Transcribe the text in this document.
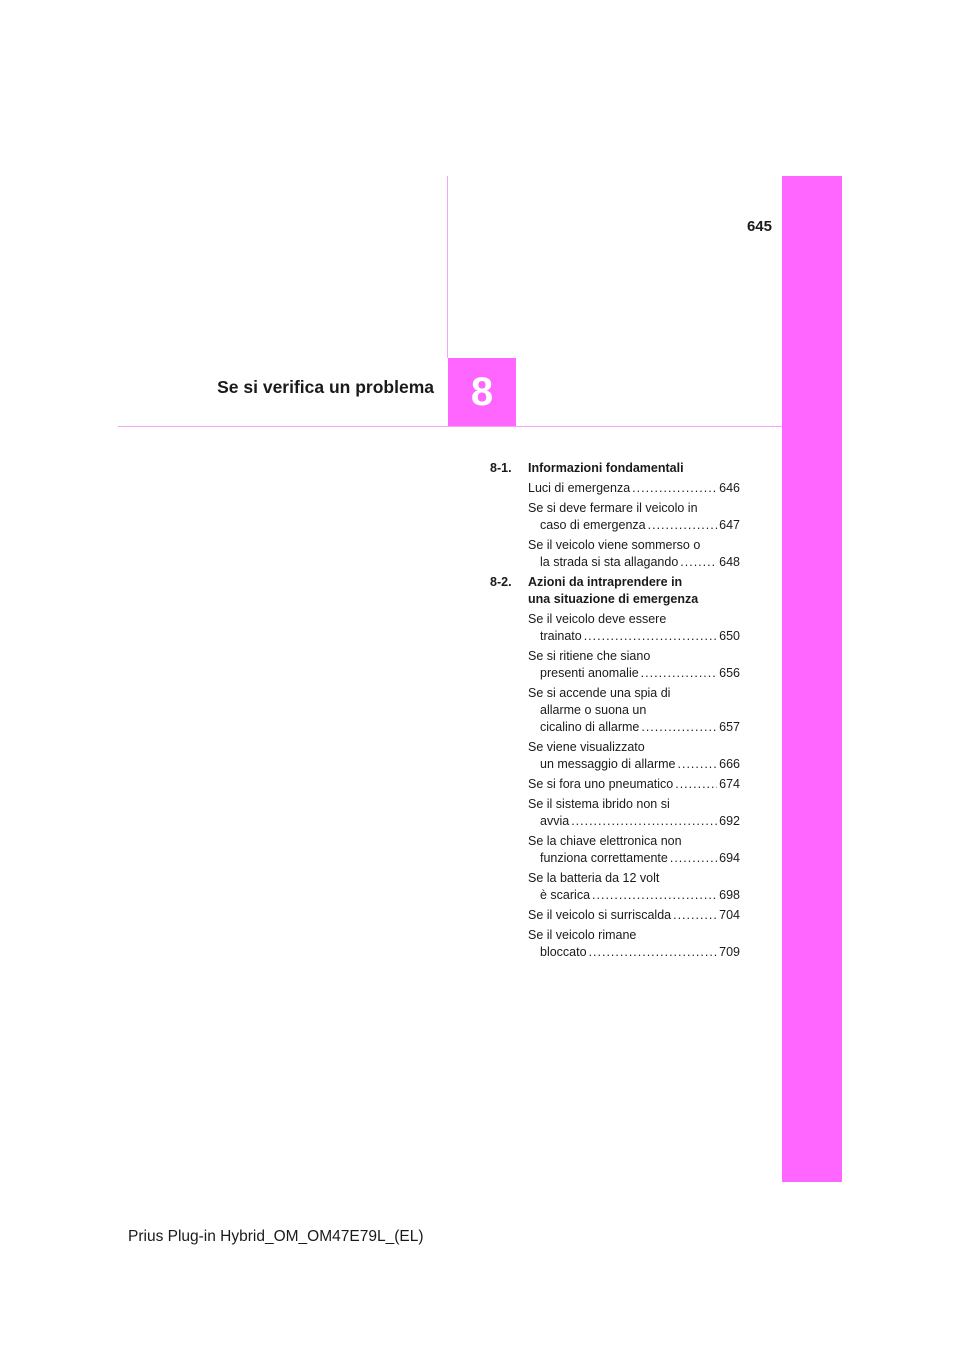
645
Se si verifica un problema 8
8-1.	Informazioni fondamentali
Luci di emergenza .....	646
Se si deve fermare il veicolo in
caso di emergenza .....	647
Se il veicolo viene sommerso o
la strada si sta allagando .....	648
8-2.	Azioni da intraprendere in
una situazione di emergenza
Se il veicolo deve essere
trainato .....	650
Se si ritiene che siano
presenti anomalie .....	656
Se si accende una spia di
allarme o suona un
cicalino di allarme .....	657
Se viene visualizzato
un messaggio di allarme .....	666
Se si fora uno pneumatico .....	674
Se il sistema ibrido non si
avvia .....	692
Se la chiave elettronica non
funziona correttamente .....	694
Se la batteria da 12 volt
è scarica .....	698
Se il veicolo si surriscalda .....	704
Se il veicolo rimane
bloccato .....	709
Prius Plug-in Hybrid_OM_OM47E79L_(EL)
